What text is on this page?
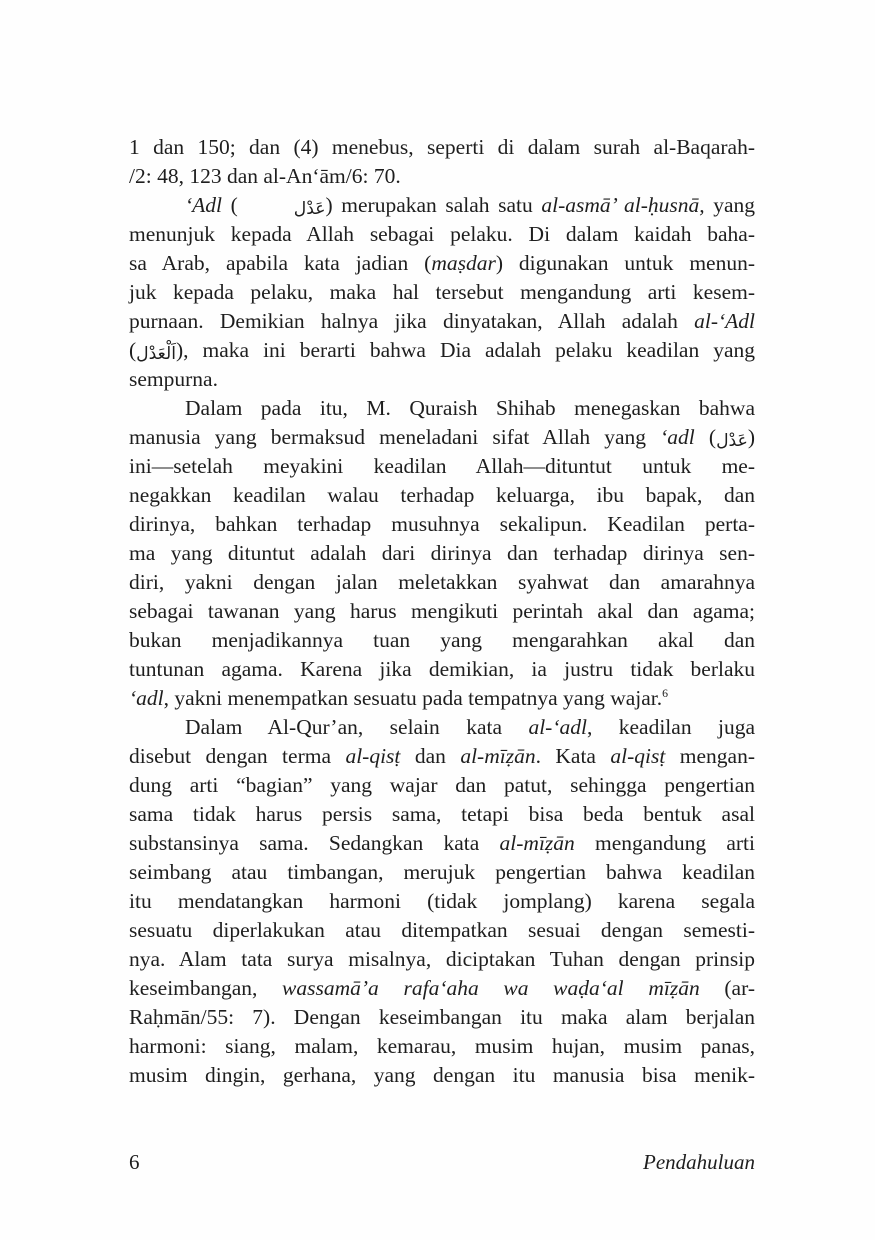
1 dan 150; dan (4) menebus, seperti di dalam surah al-Baqarah-
/2: 48, 123 dan al-An‘ām/6: 70.
‘Adl (	عَدْل) merupakan salah satu al-asmā’ al-ḥusnā, yang
menunjuk kepada Allah sebagai pelaku. Di dalam kaidah baha-
sa Arab, apabila kata jadian (maṣdar) digunakan untuk menun-
juk kepada pelaku, maka hal tersebut mengandung arti kesem-
purnaan. Demikian halnya jika dinyatakan, Allah adalah al-‘Adl
(اَلْعَدْل), maka ini berarti bahwa Dia adalah pelaku keadilan yang
sempurna.
Dalam pada itu, M. Quraish Shihab menegaskan bahwa
manusia yang bermaksud meneladani sifat Allah yang ‘adl (عَدْل)
ini—setelah meyakini keadilan Allah—dituntut untuk me-
negakkan keadilan walau terhadap keluarga, ibu bapak, dan
dirinya, bahkan terhadap musuhnya sekalipun. Keadilan perta-
ma yang dituntut adalah dari dirinya dan terhadap dirinya sen-
diri, yakni dengan jalan meletakkan syahwat dan amarahnya
sebagai tawanan yang harus mengikuti perintah akal dan agama;
bukan menjadikannya tuan yang mengarahkan akal dan
tuntunan agama. Karena jika demikian, ia justru tidak berlaku
‘adl, yakni menempatkan sesuatu pada tempatnya yang wajar.$^6$
Dalam Al-Qur’an, selain kata al-‘adl, keadilan juga
disebut dengan terma al-qisṭ dan al-mīẓān. Kata al-qisṭ mengan-
dung arti “bagian” yang wajar dan patut, sehingga pengertian
sama tidak harus persis sama, tetapi bisa beda bentuk asal
substansinya sama. Sedangkan kata al-mīẓān mengandung arti
seimbang atau timbangan, merujuk pengertian bahwa keadilan
itu mendatangkan harmoni (tidak jomplang) karena segala
sesuatu diperlakukan atau ditempatkan sesuai dengan semesti-
nya. Alam tata surya misalnya, diciptakan Tuhan dengan prinsip
keseimbangan, wassamā’a rafa‘aha wa waḍa‘al mīẓān (ar-
Raḥmān/55: 7). Dengan keseimbangan itu maka alam berjalan
harmoni: siang, malam, kemarau, musim hujan, musim panas,
musim dingin, gerhana, yang dengan itu manusia bisa menik-
6	Pendahuluan
